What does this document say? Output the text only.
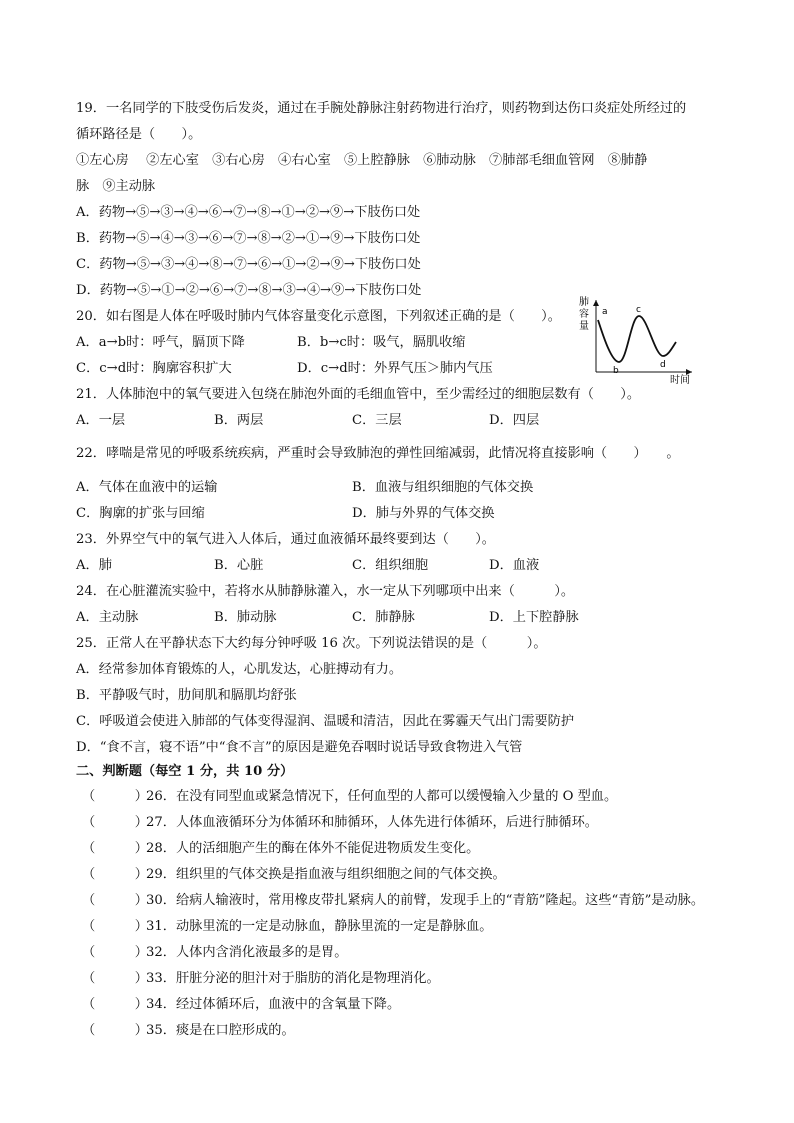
19．一名同学的下肢受伤后发炎，通过在手腕处静脉注射药物进行治疗，则药物到达伤口炎症处所经过的
循环路径是（　　）。
①左心房　 ②左心室　③右心房　④右心室　⑤上腔静脉　⑥肺动脉　⑦肺部毛细血管网　⑧肺静
脉　⑨主动脉
A．药物→⑤→③→④→⑥→⑦→⑧→①→②→⑨→下肢伤口处
B．药物→⑤→④→③→⑥→⑦→⑧→②→①→⑨→下肢伤口处
C．药物→⑤→③→④→⑧→⑦→⑥→①→②→⑨→下肢伤口处
D．药物→⑤→①→②→⑥→⑦→⑧→③→④→⑨→下肢伤口处
20．如右图是人体在呼吸时肺内气体容量变化示意图，下列叙述正确的是（　　）。
A．a→b时：呼气，膈顶下降	B．b→c时：吸气，膈肌收缩
C．c→d时：胸廓容积扩大	D．c→d时：外界气压＞肺内气压
肺
容
量
a
b
c
d
时间
21．人体肺泡中的氧气要进入包绕在肺泡外面的毛细血管中，至少需经过的细胞层数有（　　）。
A．一层	B．两层	C．三层	D．四层
22．哮喘是常见的呼吸系统疾病，严重时会导致肺泡的弹性回缩减弱，此情况将直接影响（　　）　　。
A．气体在血液中的运输	B．血液与组织细胞的气体交换
C．胸廓的扩张与回缩	D．肺与外界的气体交换
23．外界空气中的氧气进入人体后，通过血液循环最终要到达（　　）。
A．肺	B．心脏	C．组织细胞	D．血液
24．在心脏灌流实验中，若将水从肺静脉灌入，水一定从下列哪项中出来（　　　）。
A．主动脉	B．肺动脉	C．肺静脉	D．上下腔静脉
25．正常人在平静状态下大约每分钟呼吸 16 次。下列说法错误的是（　　　）。
A．经常参加体育锻炼的人，心肌发达，心脏搏动有力。
B．平静吸气时，肋间肌和膈肌均舒张
C．呼吸道会使进入肺部的气体变得湿润、温暖和清洁，因此在雾霾天气出门需要防护
D．“食不言，寝不语”中“食不言”的原因是避免吞咽时说话导致食物进入气管
二、判断题（每空 1 分，共 10 分）
（　　　）
26．在没有同型血或紧急情况下，任何血型的人都可以缓慢输入少量的 O 型血。
（　　　）
27．人体血液循环分为体循环和肺循环，人体先进行体循环，后进行肺循环。
（　　　）
28．人的活细胞产生的酶在体外不能促进物质发生变化。
（　　　）
29．组织里的气体交换是指血液与组织细胞之间的气体交换。
（　　　）
30．给病人输液时，常用橡皮带扎紧病人的前臂，发现手上的“青筋”隆起。这些“青筋”是动脉。
（　　　）
31．动脉里流的一定是动脉血，静脉里流的一定是静脉血。
（　　　）
32．人体内含消化液最多的是胃。
（　　　）
33．肝脏分泌的胆汁对于脂肪的消化是物理消化。
（　　　）
34．经过体循环后，血液中的含氧量下降。
（　　　）
35．痰是在口腔形成的。
